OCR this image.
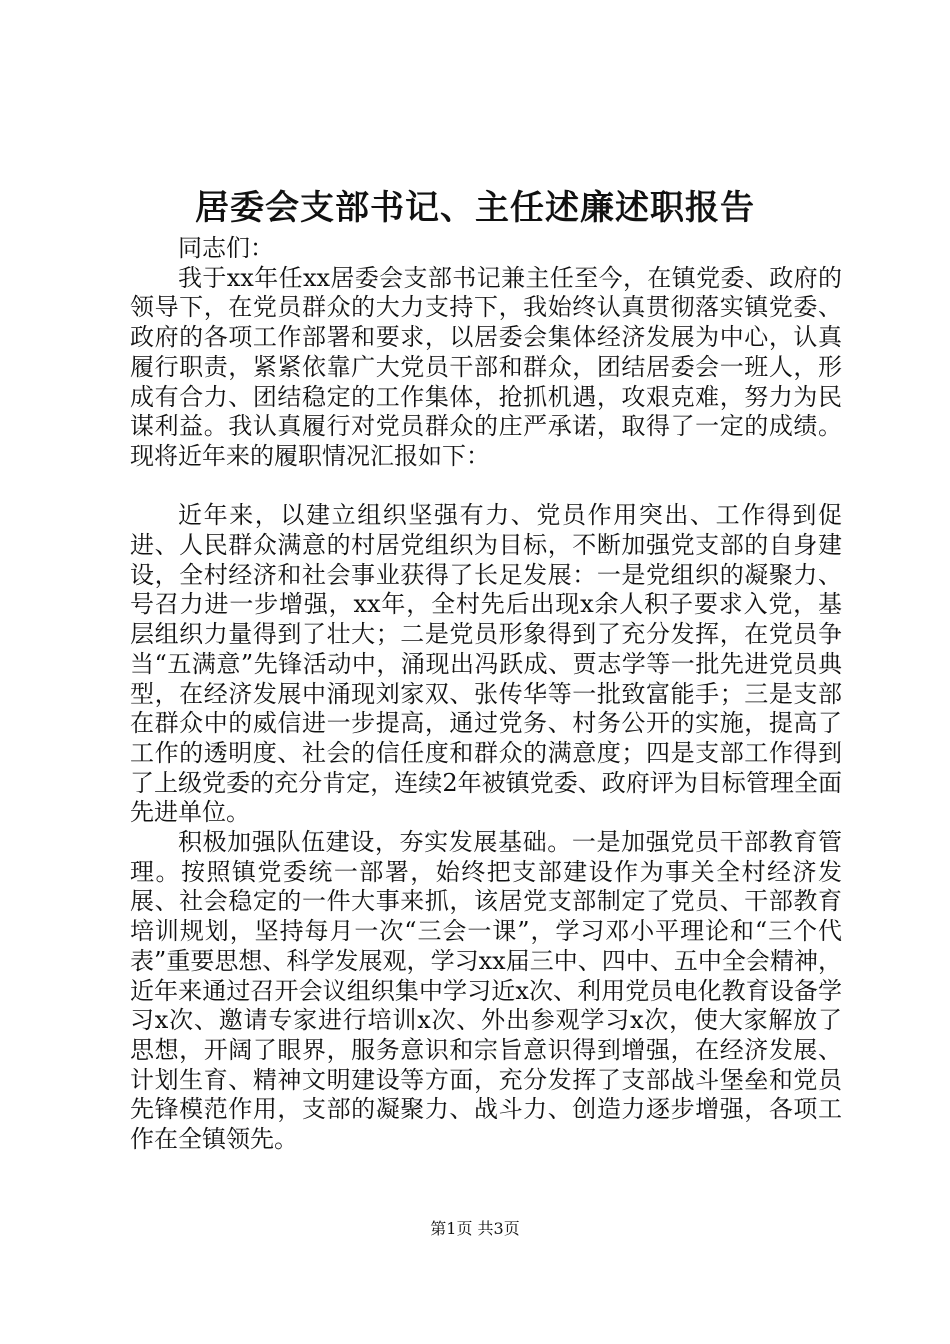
居委会支部书记、主任述廉述职报告

同志们：

我于xx年任xx居委会支部书记兼主任至今，在镇党委、政府的领导下，在党员群众的大力支持下，我始终认真贯彻落实镇党委、政府的各项工作部署和要求，以居委会集体经济发展为中心，认真履行职责，紧紧依靠广大党员干部和群众，团结居委会一班人，形成有合力、团结稳定的工作集体，抢抓机遇，攻艰克难，努力为民谋利益。我认真履行对党员群众的庄严承诺，取得了一定的成绩。现将近年来的履职情况汇报如下：

近年来，以建立组织坚强有力、党员作用突出、工作得到促进、人民群众满意的村居党组织为目标，不断加强党支部的自身建设，全村经济和社会事业获得了长足发展：一是党组织的凝聚力、号召力进一步增强，xx年，全村先后出现x余人积子要求入党，基层组织力量得到了壮大；二是党员形象得到了充分发挥，在党员争当“五满意”先锋活动中，涌现出冯跃成、贾志学等一批先进党员典型，在经济发展中涌现刘家双、张传华等一批致富能手；三是支部在群众中的威信进一步提高，通过党务、村务公开的实施，提高了工作的透明度、社会的信任度和群众的满意度；四是支部工作得到了上级党委的充分肯定，连续2年被镇党委、政府评为目标管理全面先进单位。

积极加强队伍建设，夯实发展基础。一是加强党员干部教育管理。按照镇党委统一部署，始终把支部建设作为事关全村经济发展、社会稳定的一件大事来抓，该居党支部制定了党员、干部教育培训规划，坚持每月一次“三会一课”，学习邓小平理论和“三个代表”重要思想、科学发展观，学习xx届三中、四中、五中全会精神，近年来通过召开会议组织集中学习近x次、利用党员电化教育设备学习x次、邀请专家进行培训x次、外出参观学习x次，使大家解放了思想，开阔了眼界，服务意识和宗旨意识得到增强，在经济发展、计划生育、精神文明建设等方面，充分发挥了支部战斗堡垒和党员先锋模范作用，支部的凝聚力、战斗力、创造力逐步增强，各项工作在全镇领先。

第1页 共3页
